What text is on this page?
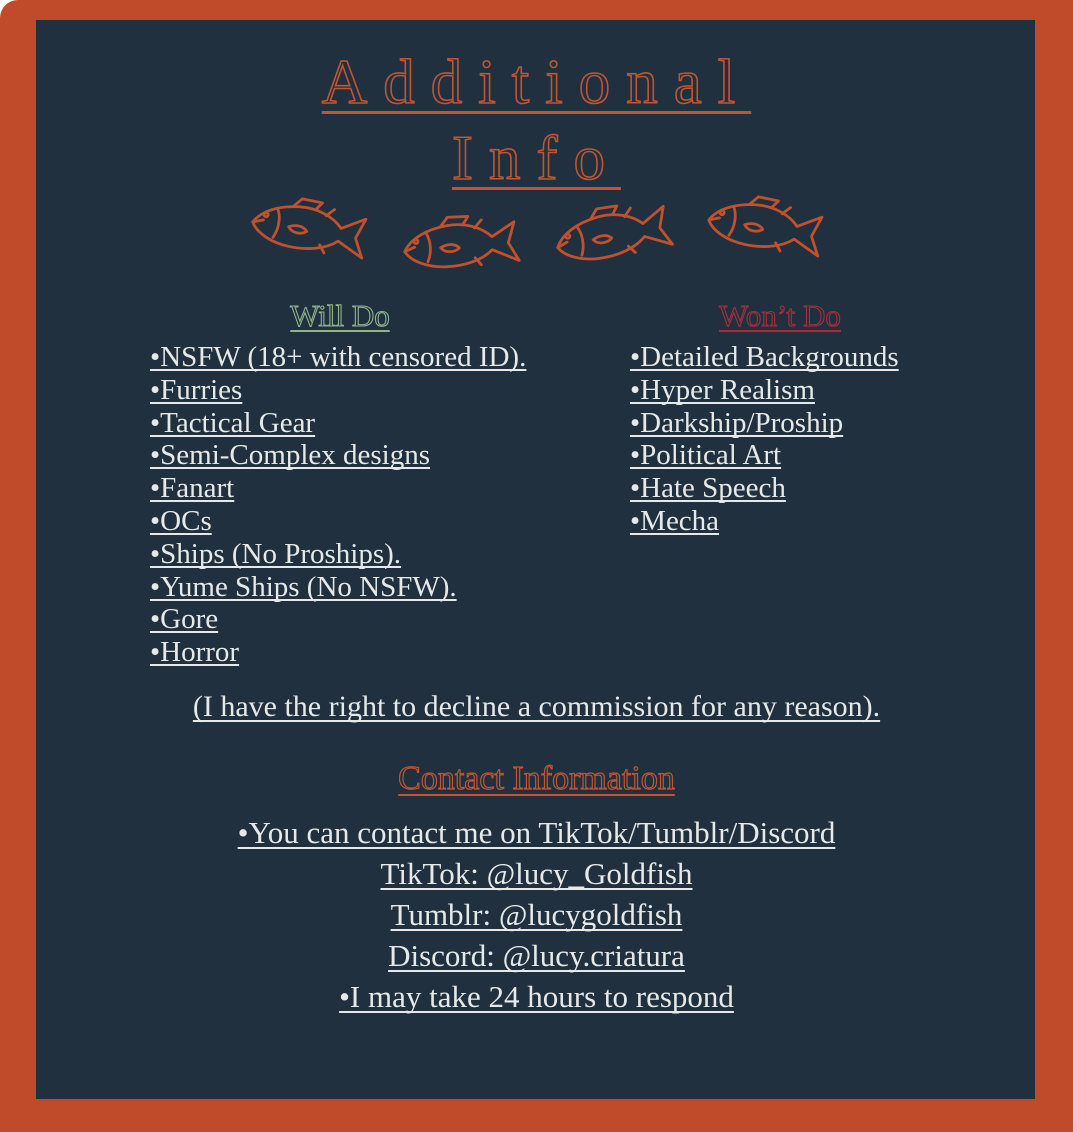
Additional
Info
Will Do
•NSFW (18+ with censored ID).
•Furries
•Tactical Gear
•Semi-Complex designs
•Fanart
•OCs
•Ships (No Proships).
•Yume Ships (No NSFW).
•Gore
•Horror
Won’t Do
•Detailed Backgrounds
•Hyper Realism
•Darkship/Proship
•Political Art
•Hate Speech
•Mecha
(I have the right to decline a commission for any reason).
Contact Information
•You can contact me on TikTok/Tumblr/Discord
TikTok: @lucy_Goldfish
Tumblr: @lucygoldfish
Discord: @lucy.criatura
•I may take 24 hours to respond
